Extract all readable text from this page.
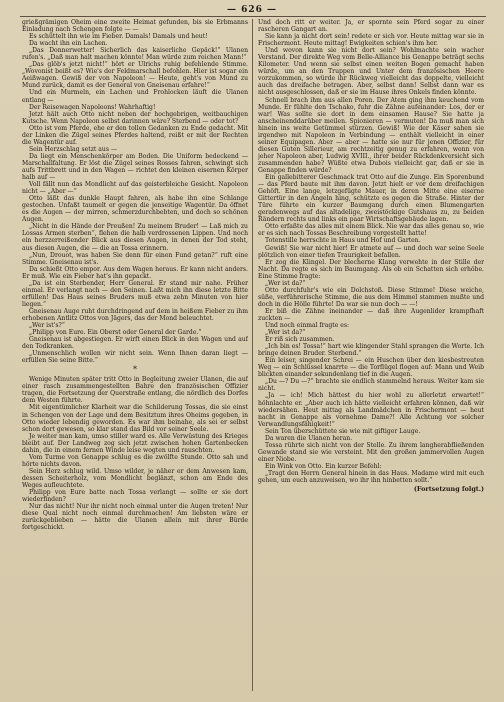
— 626 —

grießgrämigen Oheim eine zweite Heimat gefunden, bis sie Erbmanns Einladung nach Schengen folgte — —

Es schüttelt ihn wie im Fieber. Damals! Damals und heut!

Da wacht ihn ein Lachen.

„Das Donnerwetter! Sicherlich das kaiserliche Gepäck!“ Ulanen rufen's. „Daß man halt machen könnte! Man würde zum reichen Mann!“

„Das glöb's jetzt nicht!“ hört er Ulrichs ruhig befehlende Stimme. „Wovonist beißt es? Wie's der Feldmarschall befohlen. Hier ist sogar ein Aeißwagen. Gewiß der von Napoleon! — Heute, geht's von Mund zu Mund zurück, damit es der General von Gneisenau erfahre!“

Und ein Murmeln, ein Lachen und Frohlocken läuft die Ulanen entlang —

Der Reisewagen Napoleons! Wahrhaftig!

Jetzt hält auch Otto nicht neben der hochgebrigen, weitbauchigen Kutsche. Wenn Napoleon selbst darinnen wäre? Sterbend — oder tot?

Otto ist vom Pferde, ehe er den tollen Gedanken zu Ende gedacht. Mit der Linken die Zügel seines Pferdes haltend, reißt er mit der Rechten die Wagentür auf.

Sein Herzschlag setzt aus —

Da liegt ein Menschenkörper am Boden. Die Uniform bedeckend — Marschallfaltung. Er löst die Zügel seines Rosses fahren, schwingt sich aufs Trittbrett und in den Wagen — richtet den kleinen eisernen Körper halb auf —

Voll fällt nun das Mondlicht auf das geisterbleiche Gesicht. Napoleon nicht — „Aber —“

Otto läßt das dunkle Haupt fahren, als habe ihn eine Schlange gestochen. Unfaßt taumelt er gegen die jenseitige Wagentür. Da öffnet es die Augen — der mirren, schmerzdurchbebten, und doch so schönen Augen.

„Nicht in die Hände der Preußen! Zu meinem Bruder! — Laß mich zu Lossas Armen sterben“, flehen die halb verdrossenen Lippen. Und noch ein herzzerreißender Blick aus diesen Augen, in denen der Tod steht, aus diesen Augen, die — die an Tossa erinnern.

„Nun, Drouot, was haben Sie denn für einen Fund getan?“ ruft eine Stimme. Gneisenau ist's.

Da schießt Otto empor. Aus dem Wagen heraus. Er kann nicht anders. Er muß. Wie ein Fieber hat's ihn gepackt.

„Da ist ein Sterbender, Herr General. Er stand mir nahe. Früher einmal. Er verlangt nach — den Seinen. Laßt mich ihn diese letzte Bitte erfüllen! Das Haus seines Bruders muß etwa zehn Minuten von hier liegen.“

Gneisenau Auge ruht durchdringend auf dem in heißem Fieber zu ihm erhobenen Antlitz Ottos von Jägers, das der Mond beleuchtet.

„Wer ist's?“

„Philipp von Eure. Ein Oberst oder General der Garde.“

Gneisenau ist abgestiegen. Er wirft einen Blick in den Wagen und auf den Todkranken.

„Unmenschlich wollen wir nicht sein. Wenn Ihnen daran liegt — erfüllen Sie seine Bitte.“

*

Wenige Minuten später tritt Otto in Begleitung zweier Ulanen, die auf einer rasch zusammengestellten Bahre den französischen Offizier tragen, die Fortsetzung der Querstraße entlang, die nördlich des Dorfes dem Westen führte.

Mit eigentümlicher Klarheit war die Schilderung Tossas, die sie einst in Schengen von der Lage und dem Besitztum ihres Oheims gegeben, in Otto wieder lebendig geworden. Es war ihm beinahe, als sei er selbst schon dort gewesen, so klar stand das Bild vor seiner Seele.

Je weiter man kam, umso stiller ward es. Alle Verwüstung des Krieges bleibt auf. Der Landweg zog sich jetzt zwischen hohen Gartenbecken dahin, die in einem fernen Winde leise wogten und rauschten.

Vom Turme von Genappe schlug es die zwölfte Stunde. Otto sah und hörte nichts davon.

Sein Herz schlug wild. Umso wilder, je näher er dem Anwesen kam, dessen Scheiterholz, vom Mondlicht beglänzt, schon am Ende des Weges aufleuchtete.

Philipp von Eure batte nach Tossa verlangt — sollte er sie dort wiederfinden?

Nur das nicht! Nur ihr nicht noch einmal unter die Augen treten! Nur diese Qual nicht noch einmal durchmachen! Am liebsten wäre er zurückgeblieben — hätte die Ulanen allein mit ihrer Bürde fortgeschickt.

Und doch ritt er weiter. Ja, er spornte sein Pferd sogar zu einer rascheren Gangart an.

Sie kann ja nicht dort sein! redete er sich vor. Heute mittag war sie in Frischermont. Heute mittag! Ewigkeiten schien's ihm her.

Und wovon kann sie nicht dort sein? Wohlmachte sein wacher Verstand. Der direkte Weg vom Belle-Alliance bis Genappe beträgt sechs Kilometer. Und wenn sie selbst einen weiten Bogen gemacht haben würde, um an den Truppen und Unter dem französischen Heere vorzukommen, so würde ihr Rückweg vielleicht das doppelte, vielleicht auch das dreifache betragen. Aber, selbst dann! Selbst dann war es nicht ausgeschlossen, daß er sie im Hause ihres Onkels finden könnte.

Schnell brach ihm aus allen Poren. Der Atem ging ihm keuchend vom Munde. Er fühlte den Tschako, fuhr die Zähne aufeinander: Los, der er war! Was sollte sie dort in dem einsamen Hause? Sie hatte ja anscheinenddarüber meilen. Spionieren — vermuten! Da muß man sich hinein ins weite Getümmel stürzen. Gewiß! Wie der Käser sahen sie irgendwo mit Napoleon in Verbindung — enthält vielleicht in einer seiner Equipagen. Aber — aber — hatte sie nur für jenen Offizier, für diesen Guten Sillerieur, am rechtzeitig genug zu erfahren, wenn von jeher Napoleon aber, Ludwig XVIII., ihrer beider Rückdenkversicht sich zusammenden habe? Wüßte etwa Dubois vielleicht gar, daß er sie in Genappe finden würde?

Ein gallebitterer Geschmack trat Otto auf die Zunge. Ein Sporenbund — das Pferd baute mit ihm davon. Jetzt hielt er vor dem dreifachigen Gehöft. Eine lange, letzgefügte Mauer, in deren Mitte eine eiserne Gittertür in den Angeln hing, schützte es gegen die Straße. Hinter der Türe führte ein kurzer Baumgang durch einen Blumengarten geradenwegs auf das altadelige, zweistöckige Gutshaus zu, zu beiden Rändern rechts und links ein paar Wirtschaftsgebäude lagen.

Otto erfaßte das alles mit einem Blick. Nie war das alles genau so, wie er es sich nach Tossas Beschreibung vorgestellt hatte!

Totenstille herrschte in Haus und Hof und Garten.

Gewiß! Sie war nicht hier! Er atmete auf — und doch war seine Seele plötzlich von einer tiefen Traurigkeit befallen.

Er zog die Klingel. Der blecherne Klang verwehte in der Stille der Nacht. Da regte es sich im Baumgang. Als ob ein Schatten sich erhöbe. Eine Stimme fragte:

„Wer ist da?“

Otto durchfuhr's wie ein Dolchstoß. Diese Stimme! Diese weiche, süße, verführerische Stimme, die aus dem Himmel stammen mußte und doch in die Hölle führte! Da war sie nun doch — —!

Er biß die Zähne ineinander — daß ihre Augenlider krampfhaft zuckten —

Und noch einmal fragte es:

„Wer ist da?“

Er riß sich zusammen.

„Ich bin es! Tossa!“ hart wie klingender Stahl sprangen die Worte. Ich bringe deinen Bruder. Sterbend.“

Ein leiser, singender Schrei — ein Huschen über den kiesbestreuten Weg — ein Schlüssel knarrte — die Torflügel flogen auf: Mann und Weib blickten einander sekundenlang tief in die Augen.

„Du —? Du —?“ brachte sie endlich stammelnd heraus. Weiter kam sie nicht.

„Ja — ich! Mich hättest du hier wohl zu allerletzt erwartet!“ höhnlachte er. „Aber auch ich hätte vielleicht erfahren können, daß wir wiedersähen. Heut mittag als Landmädchen in Frischermont — heut nacht in Genappe als vornehme Dame?! Alle Achtung vor solcher Verwandlungsfähigkeit!“

Sein Ton überschüttete sie wie mit giftiger Lauge.

Da waren die Ulanen heran.

Tossa rührte sich nicht von der Stelle. Zu ihrem langherabfließenden Gewande stand sie wie versteint. Mit den großen jammervollen Augen einer Niobe.

Ein Wink von Otto. Ein kurzer Befehl:

„Tragt den Herrn General hinein in das Haus. Madame wird mit euch gehen, um euch anzuweisen, wo ihr ihn hinbetten sollt.“

(Fortsetzung folgt.)
